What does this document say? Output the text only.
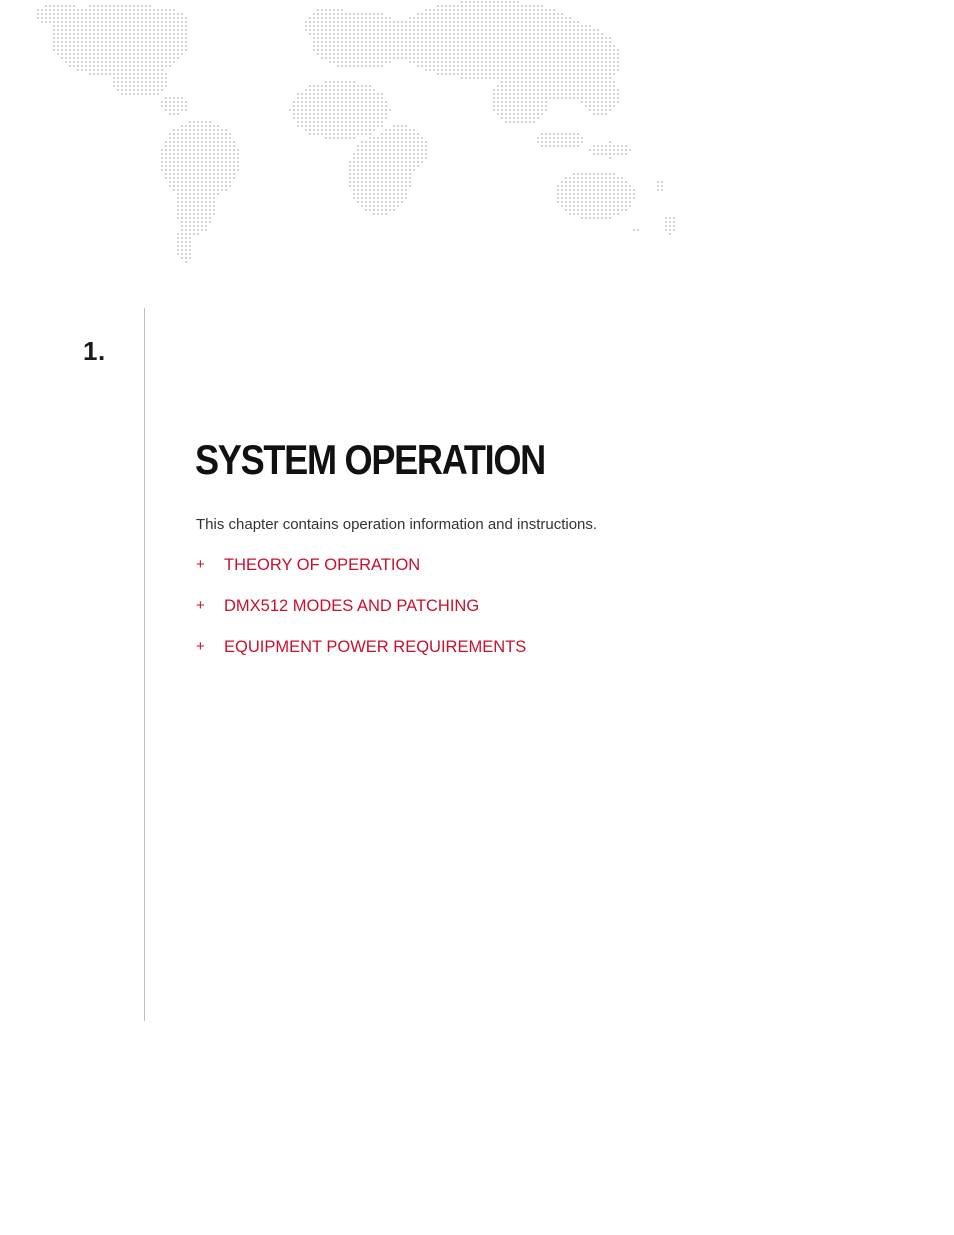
1.
SYSTEM OPERATION
This chapter contains operation information and instructions.
+	THEORY OF OPERATION
+	DMX512 MODES AND PATCHING
+	EQUIPMENT POWER REQUIREMENTS
